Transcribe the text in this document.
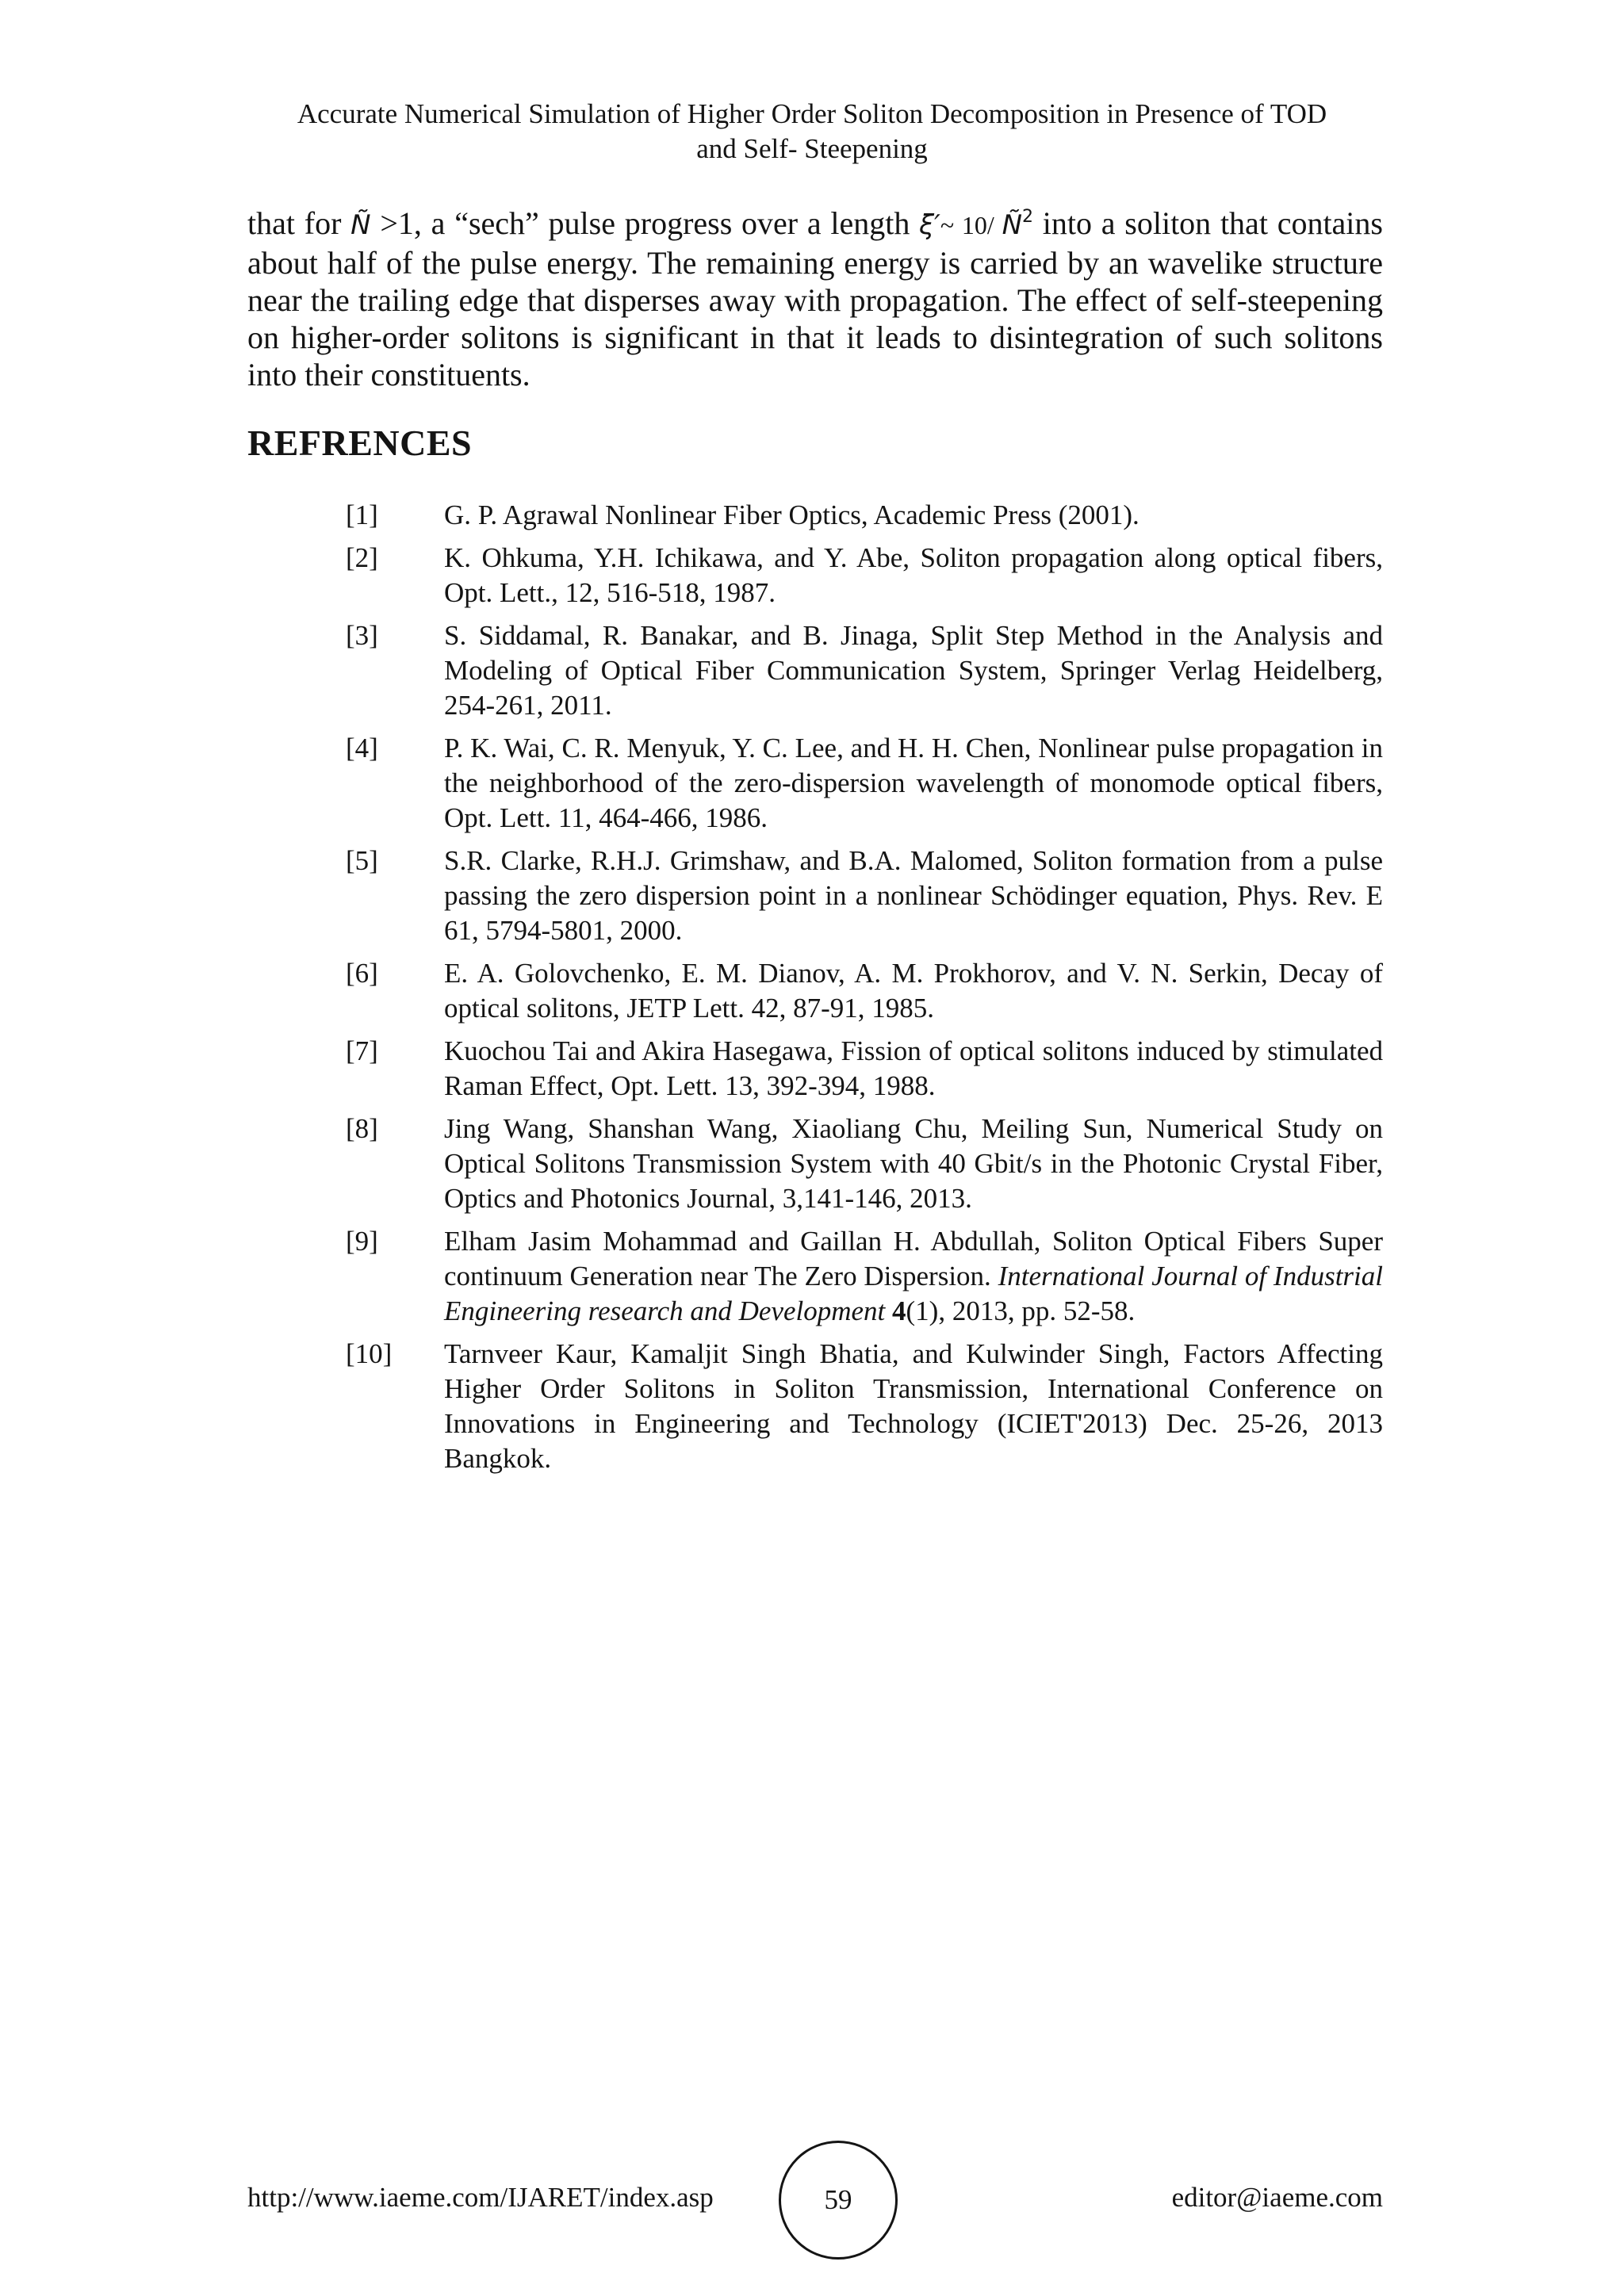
Accurate Numerical Simulation of Higher Order Soliton Decomposition in Presence of TOD
and Self- Steepening

that for Ñ >1, a “sech” pulse progress over a length ξ′~ 10/ $Ñ^2$ into a soliton that contains about half of the pulse energy. The remaining energy is carried by an wavelike structure near the trailing edge that disperses away with propagation. The effect of self-steepening on higher-order solitons is significant in that it leads to disintegration of such solitons into their constituents.

REFRENCES
[1]	G. P. Agrawal Nonlinear Fiber Optics, Academic Press (2001).
[2]	K. Ohkuma, Y.H. Ichikawa, and Y. Abe, Soliton propagation along optical fibers, Opt. Lett., 12, 516-518, 1987.
[3]	S. Siddamal, R. Banakar, and B. Jinaga, Split Step Method in the Analysis and Modeling of Optical Fiber Communication System, Springer Verlag Heidelberg, 254-261, 2011.
[4]	P. K. Wai, C. R. Menyuk, Y. C. Lee, and H. H. Chen, Nonlinear pulse propagation in the neighborhood of the zero-dispersion wavelength of monomode optical fibers, Opt. Lett. 11, 464-466, 1986.
[5]	S.R. Clarke, R.H.J. Grimshaw, and B.A. Malomed, Soliton formation from a pulse passing the zero dispersion point in a nonlinear Schödinger equation, Phys. Rev. E 61, 5794-5801, 2000.
[6]	E. A. Golovchenko, E. M. Dianov, A. M. Prokhorov, and V. N. Serkin, Decay of optical solitons, JETP Lett. 42, 87-91, 1985.
[7]	Kuochou Tai and Akira Hasegawa, Fission of optical solitons induced by stimulated Raman Effect, Opt. Lett. 13, 392-394, 1988.
[8]	Jing Wang, Shanshan Wang, Xiaoliang Chu, Meiling Sun, Numerical Study on Optical Solitons Transmission System with 40 Gbit/s in the Photonic Crystal Fiber, Optics and Photonics Journal, 3,141-146, 2013.
[9]	Elham Jasim Mohammad and Gaillan H. Abdullah, Soliton Optical Fibers Super continuum Generation near The Zero Dispersion. International Journal of Industrial Engineering research and Development 4(1), 2013, pp. 52-58.
[10]	Tarnveer Kaur, Kamaljit Singh Bhatia, and Kulwinder Singh, Factors Affecting Higher Order Solitons in Soliton Transmission, International Conference on Innovations in Engineering and Technology (ICIET'2013) Dec. 25-26, 2013 Bangkok.
http://www.iaeme.com/IJARET/index.asp	59	editor@iaeme.com
